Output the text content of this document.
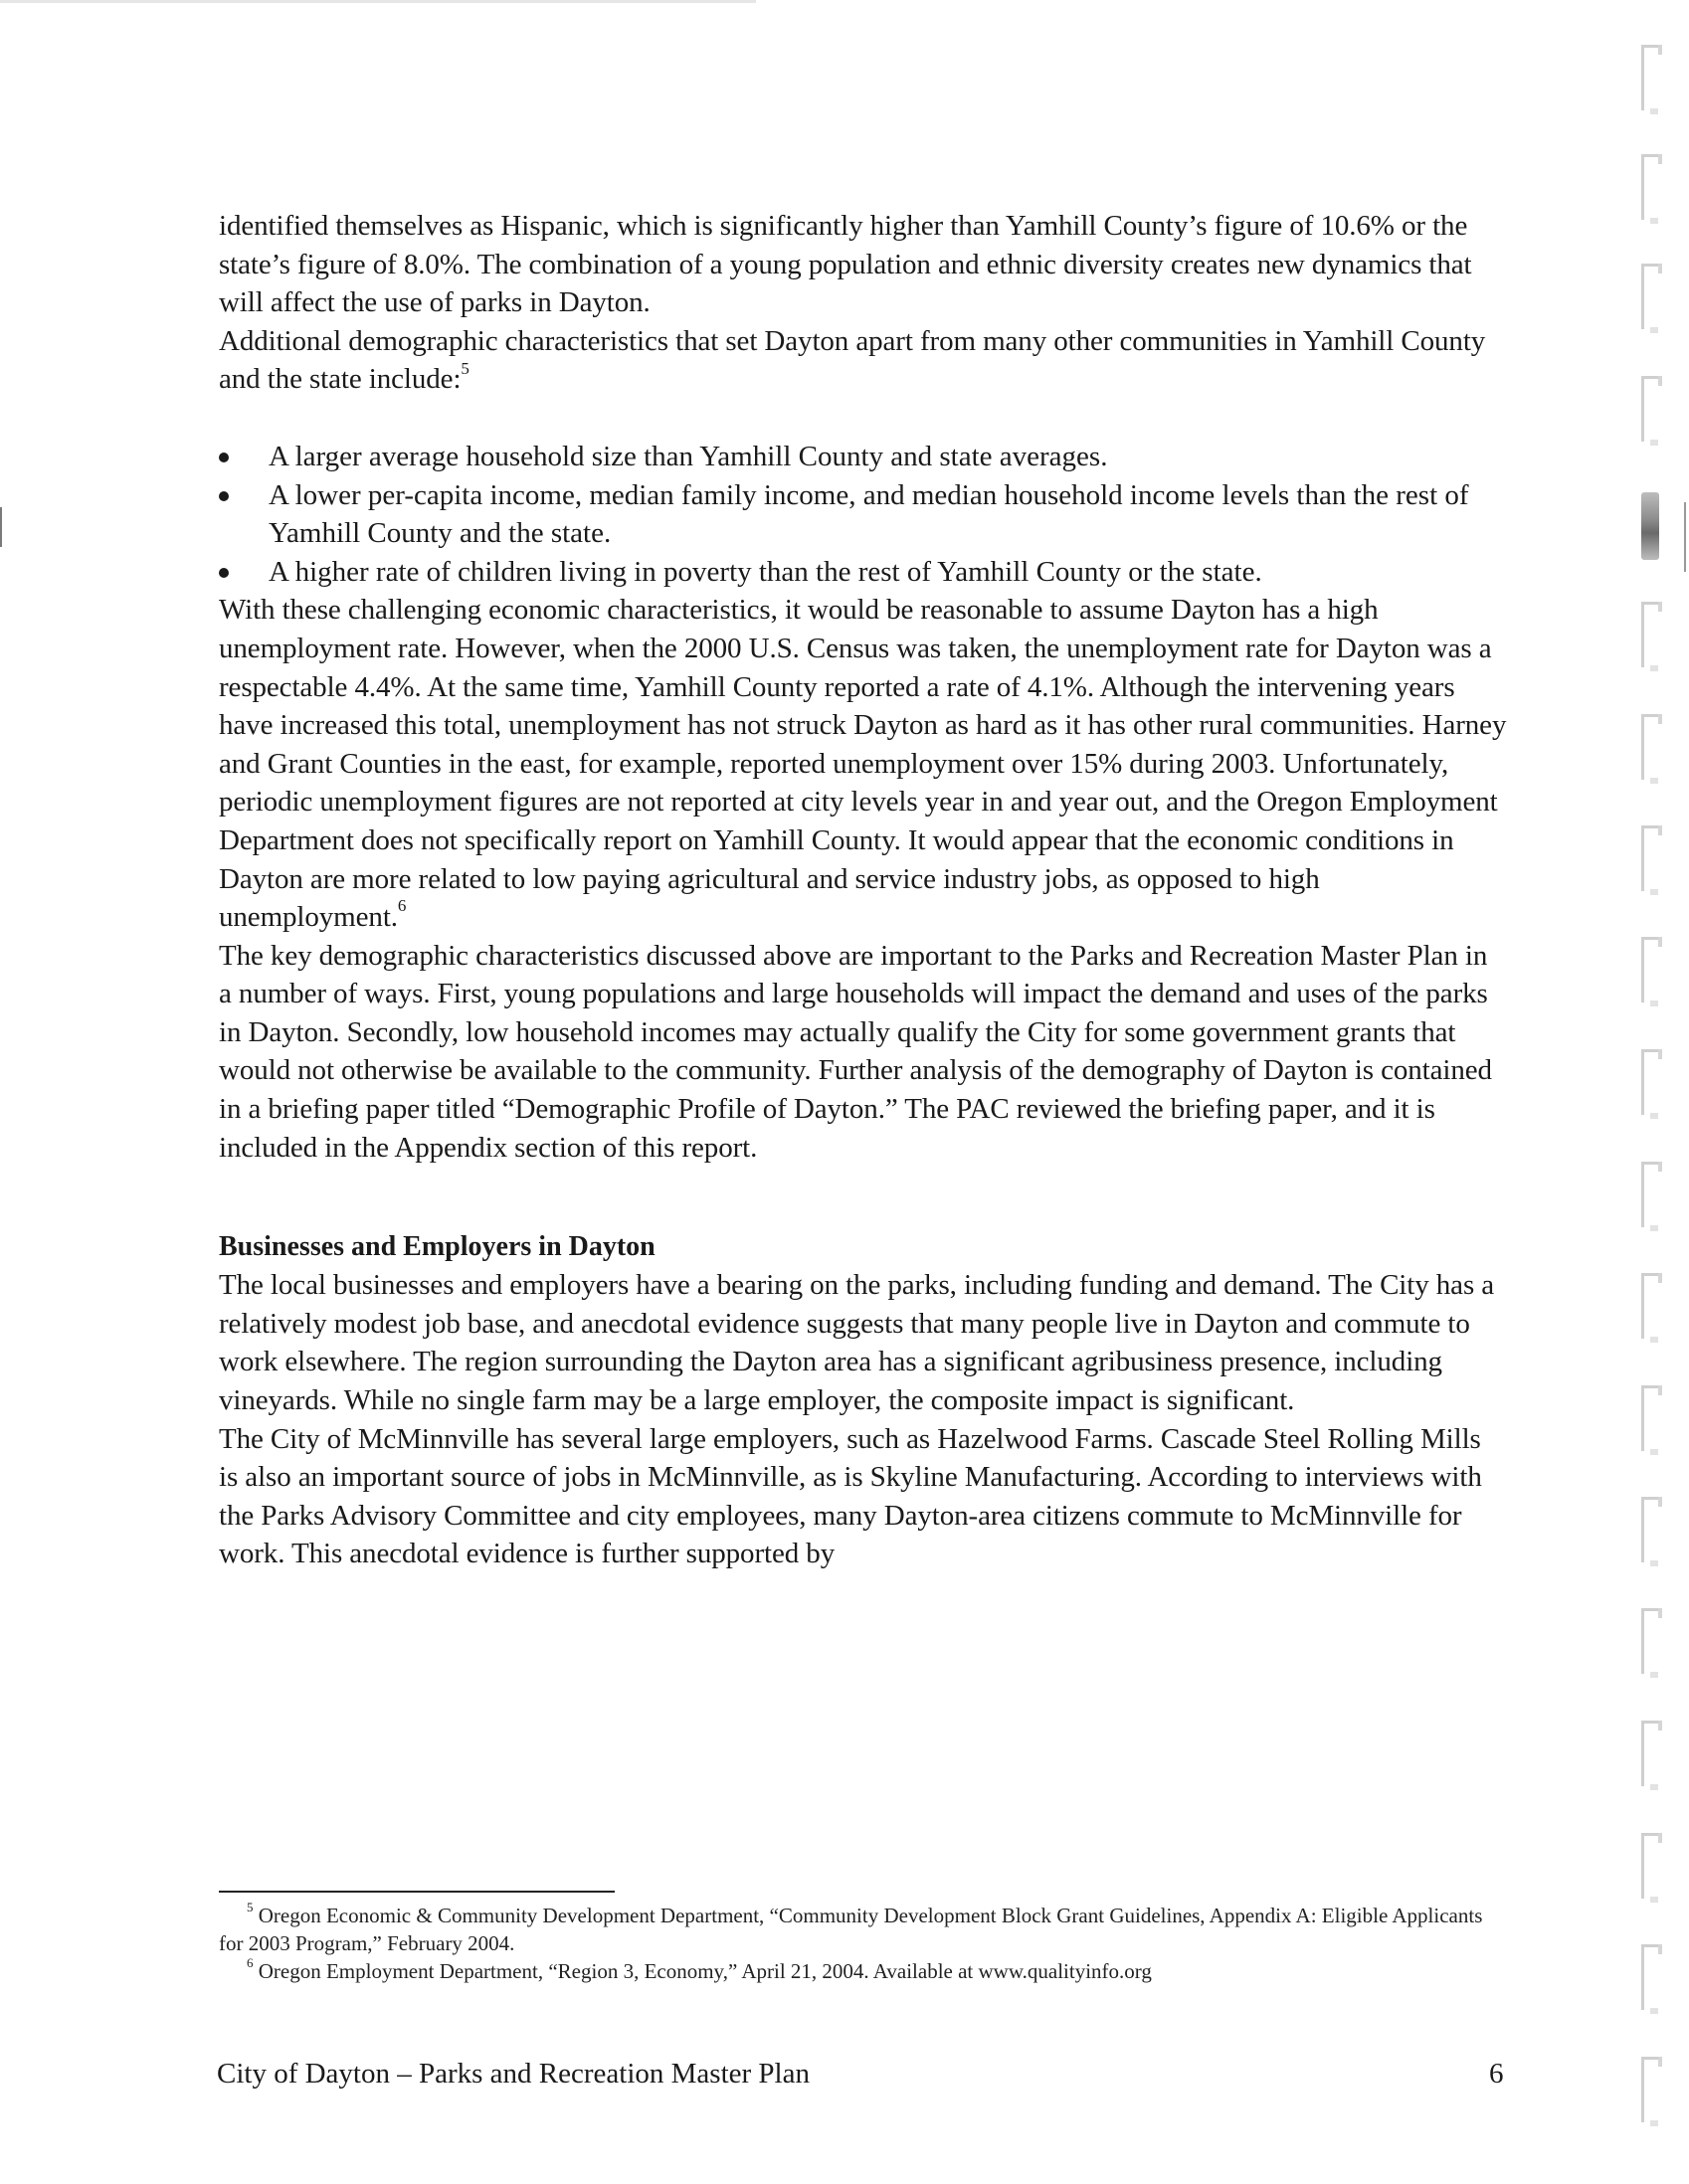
identified themselves as Hispanic, which is significantly higher than Yamhill County’s figure of 10.6% or the state’s figure of 8.0%. The combination of a young population and ethnic diversity creates new dynamics that will affect the use of parks in Dayton.

Additional demographic characteristics that set Dayton apart from many other communities in Yamhill County and the state include:$^5$

A larger average household size than Yamhill County and state averages.
A lower per-capita income, median family income, and median household income levels than the rest of Yamhill County and the state.
A higher rate of children living in poverty than the rest of Yamhill County or the state.

With these challenging economic characteristics, it would be reasonable to assume Dayton has a high unemployment rate. However, when the 2000 U.S. Census was taken, the unemployment rate for Dayton was a respectable 4.4%. At the same time, Yamhill County reported a rate of 4.1%. Although the intervening years have increased this total, unemployment has not struck Dayton as hard as it has other rural communities. Harney and Grant Counties in the east, for example, reported unemployment over 15% during 2003. Unfortunately, periodic unemployment figures are not reported at city levels year in and year out, and the Oregon Employment Department does not specifically report on Yamhill County. It would appear that the economic conditions in Dayton are more related to low paying agricultural and service industry jobs, as opposed to high unemployment.$^6$

The key demographic characteristics discussed above are important to the Parks and Recreation Master Plan in a number of ways. First, young populations and large households will impact the demand and uses of the parks in Dayton. Secondly, low household incomes may actually qualify the City for some government grants that would not otherwise be available to the community. Further analysis of the demography of Dayton is contained in a briefing paper titled “Demographic Profile of Dayton.” The PAC reviewed the briefing paper, and it is included in the Appendix section of this report.

Businesses and Employers in Dayton

The local businesses and employers have a bearing on the parks, including funding and demand. The City has a relatively modest job base, and anecdotal evidence suggests that many people live in Dayton and commute to work elsewhere. The region surrounding the Dayton area has a significant agribusiness presence, including vineyards. While no single farm may be a large employer, the composite impact is significant.

The City of McMinnville has several large employers, such as Hazelwood Farms. Cascade Steel Rolling Mills is also an important source of jobs in McMinnville, as is Skyline Manufacturing. According to interviews with the Parks Advisory Committee and city employees, many Dayton-area citizens commute to McMinnville for work. This anecdotal evidence is further supported by

$^5$ Oregon Economic & Community Development Department, “Community Development Block Grant Guidelines, Appendix A: Eligible Applicants for 2003 Program,” February 2004.

$^6$ Oregon Employment Department, “Region 3, Economy,” April 21, 2004. Available at www.qualityinfo.org

City of Dayton – Parks and Recreation Master Plan	6
